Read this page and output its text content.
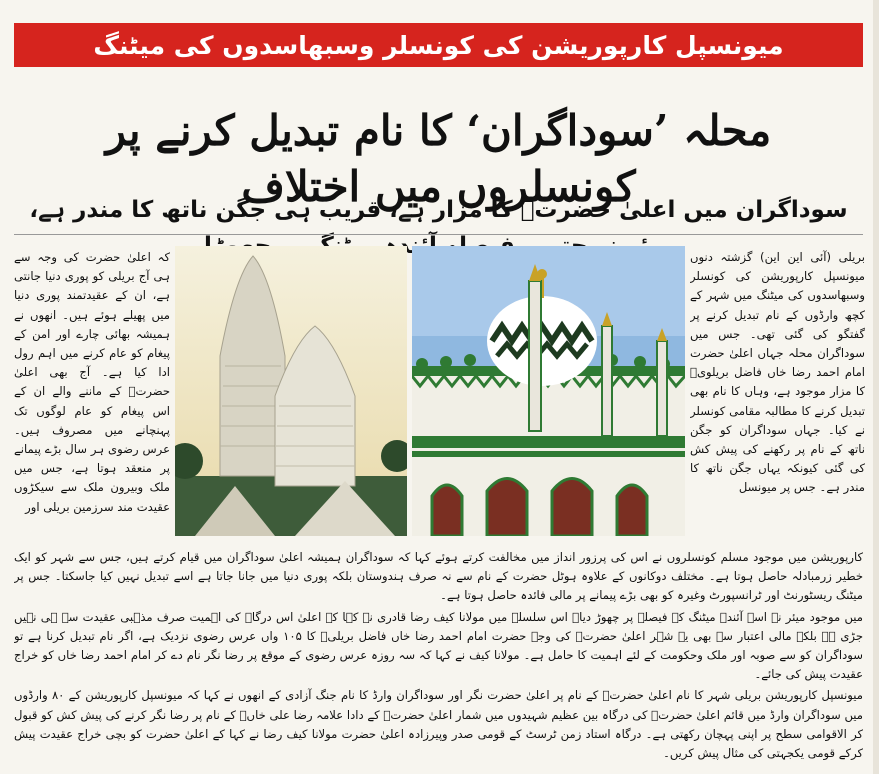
میونسپل کارپوریشن کی کونسلر وسبھاسدوں کی میٹنگ
محلہ ’سوداگران‘ کا نام تبدیل کرنے پر کونسلروں میں اختلاف	سوداگران میں اعلیٰ حضرتؒ کا مزار ہے، قریب ہی جگن ناتھ کا مندر ہے، آئندہ	بریلی (آئی این این) گزشتہ دنوں میونسپل کارپوریشن کی کونسلر وسبھاسدوں کی میٹنگ میں شہر کے کچھ وارڈوں کے نام تبدیل کرنے پر گفتگو کی گئی تھی۔ جس میں سوداگران محلہ جہاں اعلیٰ حضرت امام احمد رضا خاں فاضل بریلویؒ کا مزار موجود ہے، وہاں کا نام بھی تبدیل کرنے کا مطالبہ مقامی کونسلر نے کیا۔ جہاں سوداگران کو جگن ناتھ کے نام پر رکھنے کی پیش کش کی گئی کیونکہ یہاں جگن ناتھ کا مندر ہے۔ جس پر میونسل

کہ اعلیٰ حضرت کی وجہ سے ہی آج بریلی کو پوری دنیا جانتی ہے، ان کے عقیدتمند پوری دنیا میں پھیلے ہوئے ہیں۔ انھوں نے ہمیشہ بھائی چارے اور امن کے پیغام کو عام کرنے میں اہم رول ادا کیا ہے۔ آج بھی اعلیٰ حضرتؒ کے ماننے والے ان کے اس پیغام کو عام لوگوں تک پہنچانے میں مصروف ہیں۔ عرس رضوی ہر سال بڑے پیمانے پر منعقد ہوتا ہے، جس میں ملک وبیرون ملک سے سیکڑوں عقیدت مند سرزمین بریلی اور

کارپوریشن میں موجود مسلم کونسلروں نے اس کی پرزور انداز میں مخالفت کرتے ہوئے کہا کہ سوداگران ہمیشہ اعلیٰ سوداگران میں قیام کرتے ہیں، جس سے شہر کو ایک خطیر زرمبادلہ حاصل ہوتا ہے۔ مختلف دوکانوں کے علاوہ ہوٹل حضرت کے نام سے نہ صرف ہندوستان بلکہ پوری دنیا میں جانا جاتا ہے اسے تبدیل نہیں کیا جاسکتا۔ جس پر میٹنگ ریسٹورنٹ اور ٹرانسپورٹ وغیرہ کو بھی بڑے پیمانے پر مالی فائدہ حاصل ہوتا ہے۔

میں موجود میئر نے اسے آئندہ میٹنگ کے فیصلہ پر چھوڑ دیا۔ اس سلسلہ میں مولانا کیف رضا قادری نے کہا کہ اعلیٰ اس درگاہ کی اہمیت صرف مذہبی عقیدت سے ہی نہیں جڑی ہے بلکہ مالی اعتبار سے بھی یہ شہر اعلیٰ حضرتؒ کی وجہ حضرت امام احمد رضا خاں فاضل بریلیؒ کا ۱۰۵ واں عرس رضوی نزدیک ہے، اگر نام تبدیل کرنا ہے تو سوداگران کو سے صوبہ اور ملک وحکومت کے لئے اہمیت کا حامل ہے۔ مولانا کیف نے کہا کہ سہ روزہ عرس رضوی کے موقع پر رضا نگر نام دے کر امام احمد رضا خاں کو خراج عقیدت پیش کی جائے۔

میونسپل کارپوریشن بریلی شہر کا نام اعلیٰ حضرتؒ کے نام پر اعلیٰ حضرت نگر اور سوداگران وارڈ کا نام جنگ آزادی کے انھوں نے کہا کہ میونسپل کارپوریشن کے ۸۰ وارڈوں میں سوداگران وارڈ میں قائم اعلیٰ حضرتؒ کی درگاہ بین عظیم شہیدوں میں شمار اعلیٰ حضرتؒ کے دادا علامہ رضا علی خاںؒ کے نام پر رضا نگر کرنے کی پیش کش کو قبول کر الاقوامی سطح پر اپنی پہچان رکھتی ہے۔ درگاہ استاد زمن ٹرسٹ کے قومی صدر وپیرزادہ اعلیٰ حضرت مولانا کیف رضا نے کہا کے اعلیٰ حضرت کو بچی خراج عقیدت پیش کرکے قومی یکجہتی کی مثال پیش کریں۔
